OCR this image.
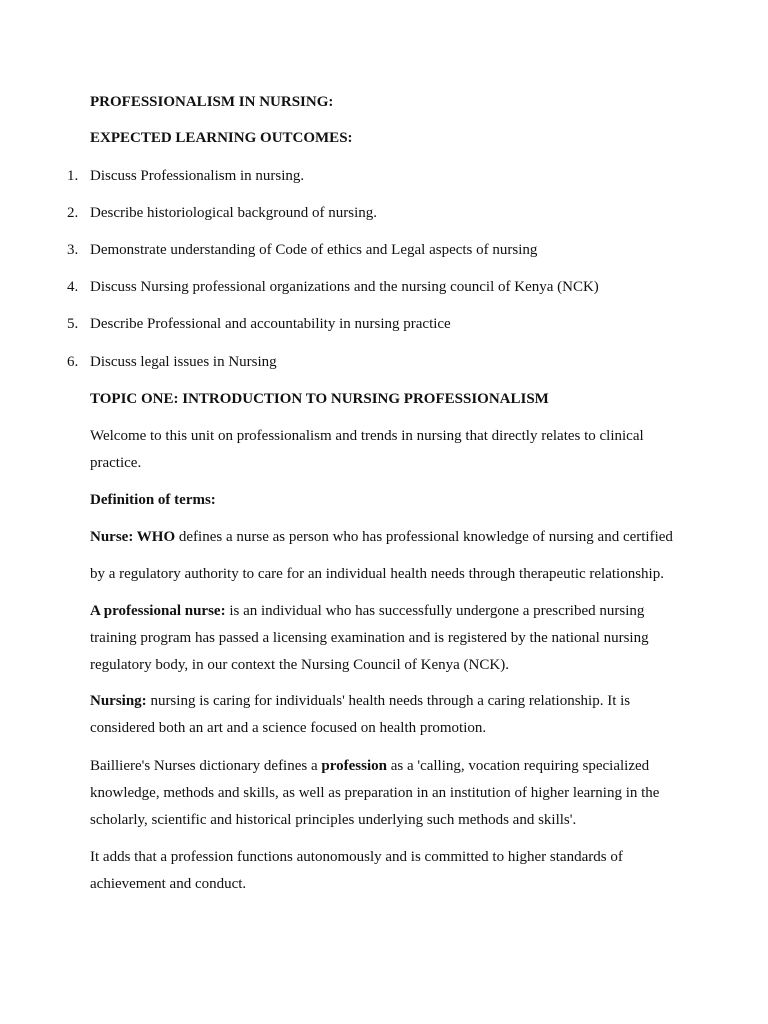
PROFESSIONALISM IN NURSING:
EXPECTED LEARNING OUTCOMES:
1. Discuss Professionalism in nursing.
2. Describe historiological background of nursing.
3. Demonstrate understanding of Code of ethics and Legal aspects of nursing
4. Discuss Nursing professional organizations and the nursing council of Kenya (NCK)
5. Describe Professional and accountability in nursing practice
6. Discuss legal issues in Nursing
TOPIC ONE: INTRODUCTION TO NURSING PROFESSIONALISM
Welcome to this unit on professionalism and trends in nursing that directly relates to clinical
practice.
Definition of terms:
Nurse: WHO defines a nurse as person who has professional knowledge of nursing and certified
by a regulatory authority to care for an individual health needs through therapeutic relationship.
A professional nurse: is an individual who has successfully undergone a prescribed nursing
training program has passed a licensing examination and is registered by the national nursing
regulatory body, in our context the Nursing Council of Kenya (NCK).
Nursing: nursing is caring for individuals' health needs through a caring relationship. It is
considered both an art and a science focused on health promotion.
Bailliere's Nurses dictionary defines a profession as a 'calling, vocation requiring specialized
knowledge, methods and skills, as well as preparation in an institution of higher learning in the
scholarly, scientific and historical principles underlying such methods and skills'.
It adds that a profession functions autonomously and is committed to higher standards of
achievement and conduct.
